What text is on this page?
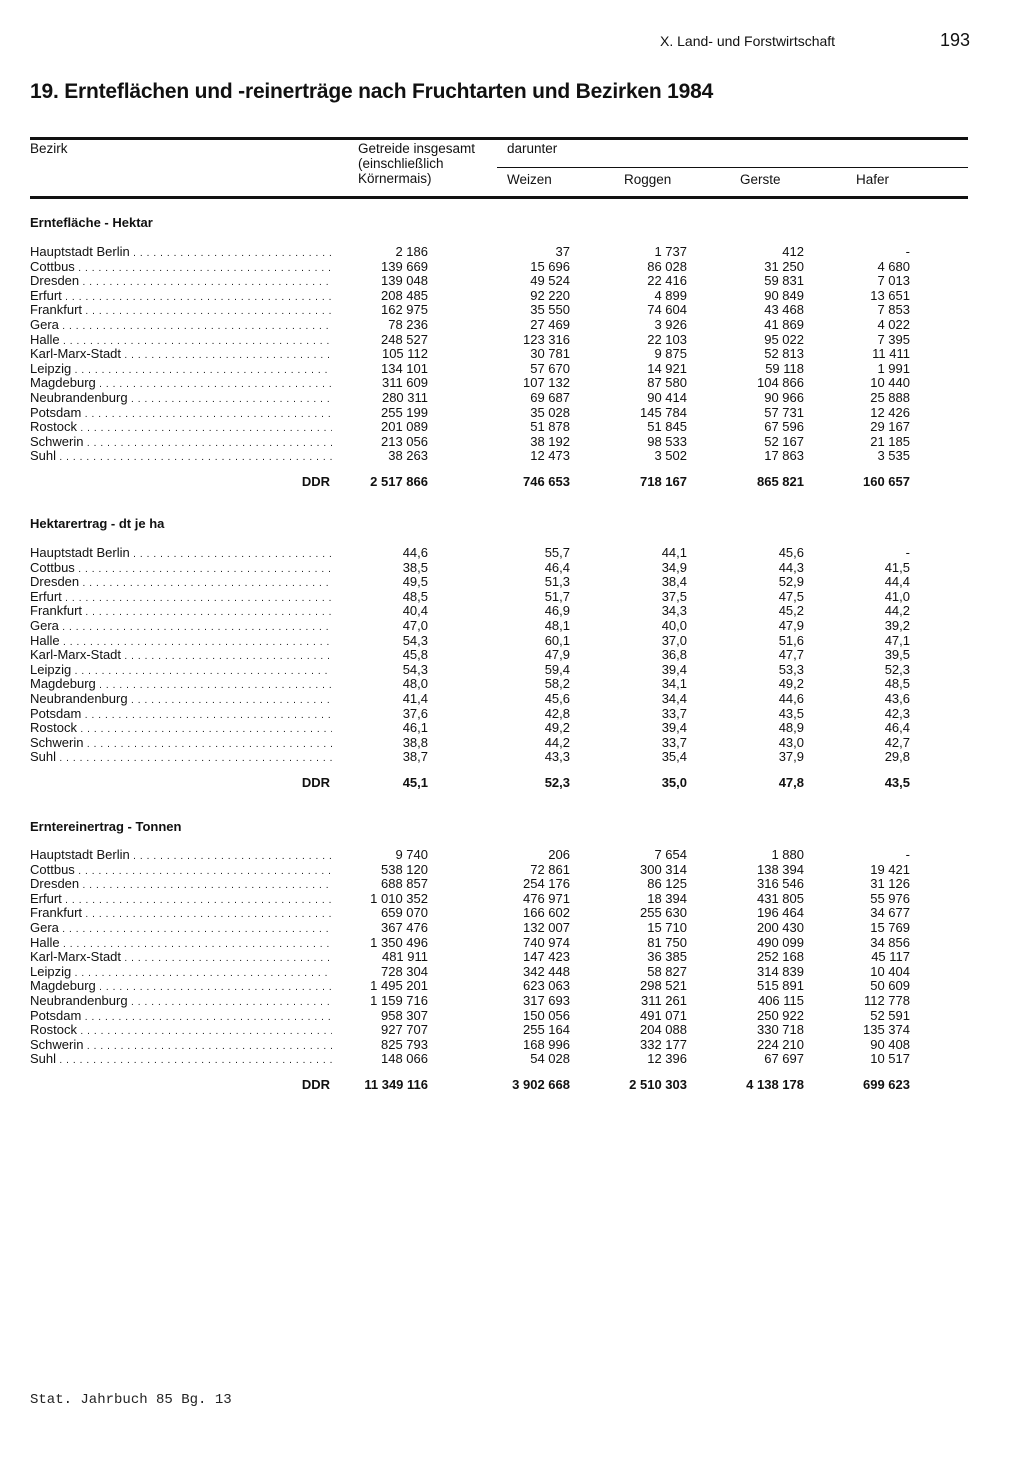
X. Land- und Forstwirtschaft	193
19. Ernteflächen und -reinerträge nach Fruchtarten und Bezirken 1984
Bezirk	Getreide insgesamt
(einschließlich
Körnermais)
darunter
Weizen	Roggen	Gerste	Hafer
Erntefläche - Hektar
Hauptstadt Berlin . . .	2 186	37	1 737	412	-
Cottbus . . .	139 669	15 696	86 028	31 250	4 680
Dresden . . .	139 048	49 524	22 416	59 831	7 013
Erfurt . . .	208 485	92 220	4 899	90 849	13 651
Frankfurt . . .	162 975	35 550	74 604	43 468	7 853
Gera . . .	78 236	27 469	3 926	41 869	4 022
Halle . . .	248 527	123 316	22 103	95 022	7 395
Karl-Marx-Stadt . . .	105 112	30 781	9 875	52 813	11 411
Leipzig . . .	134 101	57 670	14 921	59 118	1 991
Magdeburg . . .	311 609	107 132	87 580	104 866	10 440
Neubrandenburg . . .	280 311	69 687	90 414	90 966	25 888
Potsdam . . .	255 199	35 028	145 784	57 731	12 426
Rostock . . .	201 089	51 878	51 845	67 596	29 167
Schwerin . . .	213 056	38 192	98 533	52 167	21 185
Suhl . . .	38 263	12 473	3 502	17 863	3 535
DDR	2 517 866	746 653	718 167	865 821	160 657
Hektarertrag - dt je ha
Hauptstadt Berlin . . .	44,6	55,7	44,1	45,6	-
Cottbus . . .	38,5	46,4	34,9	44,3	41,5
Dresden . . .	49,5	51,3	38,4	52,9	44,4
Erfurt . . .	48,5	51,7	37,5	47,5	41,0
Frankfurt . . .	40,4	46,9	34,3	45,2	44,2
Gera . . .	47,0	48,1	40,0	47,9	39,2
Halle . . .	54,3	60,1	37,0	51,6	47,1
Karl-Marx-Stadt . . .	45,8	47,9	36,8	47,7	39,5
Leipzig . . .	54,3	59,4	39,4	53,3	52,3
Magdeburg . . .	48,0	58,2	34,1	49,2	48,5
Neubrandenburg . . .	41,4	45,6	34,4	44,6	43,6
Potsdam . . .	37,6	42,8	33,7	43,5	42,3
Rostock . . .	46,1	49,2	39,4	48,9	46,4
Schwerin . . .	38,8	44,2	33,7	43,0	42,7
Suhl . . .	38,7	43,3	35,4	37,9	29,8
DDR	45,1	52,3	35,0	47,8	43,5
Erntereinertrag - Tonnen
Hauptstadt Berlin . . .	9 740	206	7 654	1 880	-
Cottbus . . .	538 120	72 861	300 314	138 394	19 421
Dresden . . .	688 857	254 176	86 125	316 546	31 126
Erfurt . . .	1 010 352	476 971	18 394	431 805	55 976
Frankfurt . . .	659 070	166 602	255 630	196 464	34 677
Gera . . .	367 476	132 007	15 710	200 430	15 769
Halle . . .	1 350 496	740 974	81 750	490 099	34 856
Karl-Marx-Stadt . . .	481 911	147 423	36 385	252 168	45 117
Leipzig . . .	728 304	342 448	58 827	314 839	10 404
Magdeburg . . .	1 495 201	623 063	298 521	515 891	50 609
Neubrandenburg . . .	1 159 716	317 693	311 261	406 115	112 778
Potsdam . . .	958 307	150 056	491 071	250 922	52 591
Rostock . . .	927 707	255 164	204 088	330 718	135 374
Schwerin . . .	825 793	168 996	332 177	224 210	90 408
Suhl . . .	148 066	54 028	12 396	67 697	10 517
DDR	11 349 116	3 902 668	2 510 303	4 138 178	699 623
Stat. Jahrbuch 85 Bg. 13
